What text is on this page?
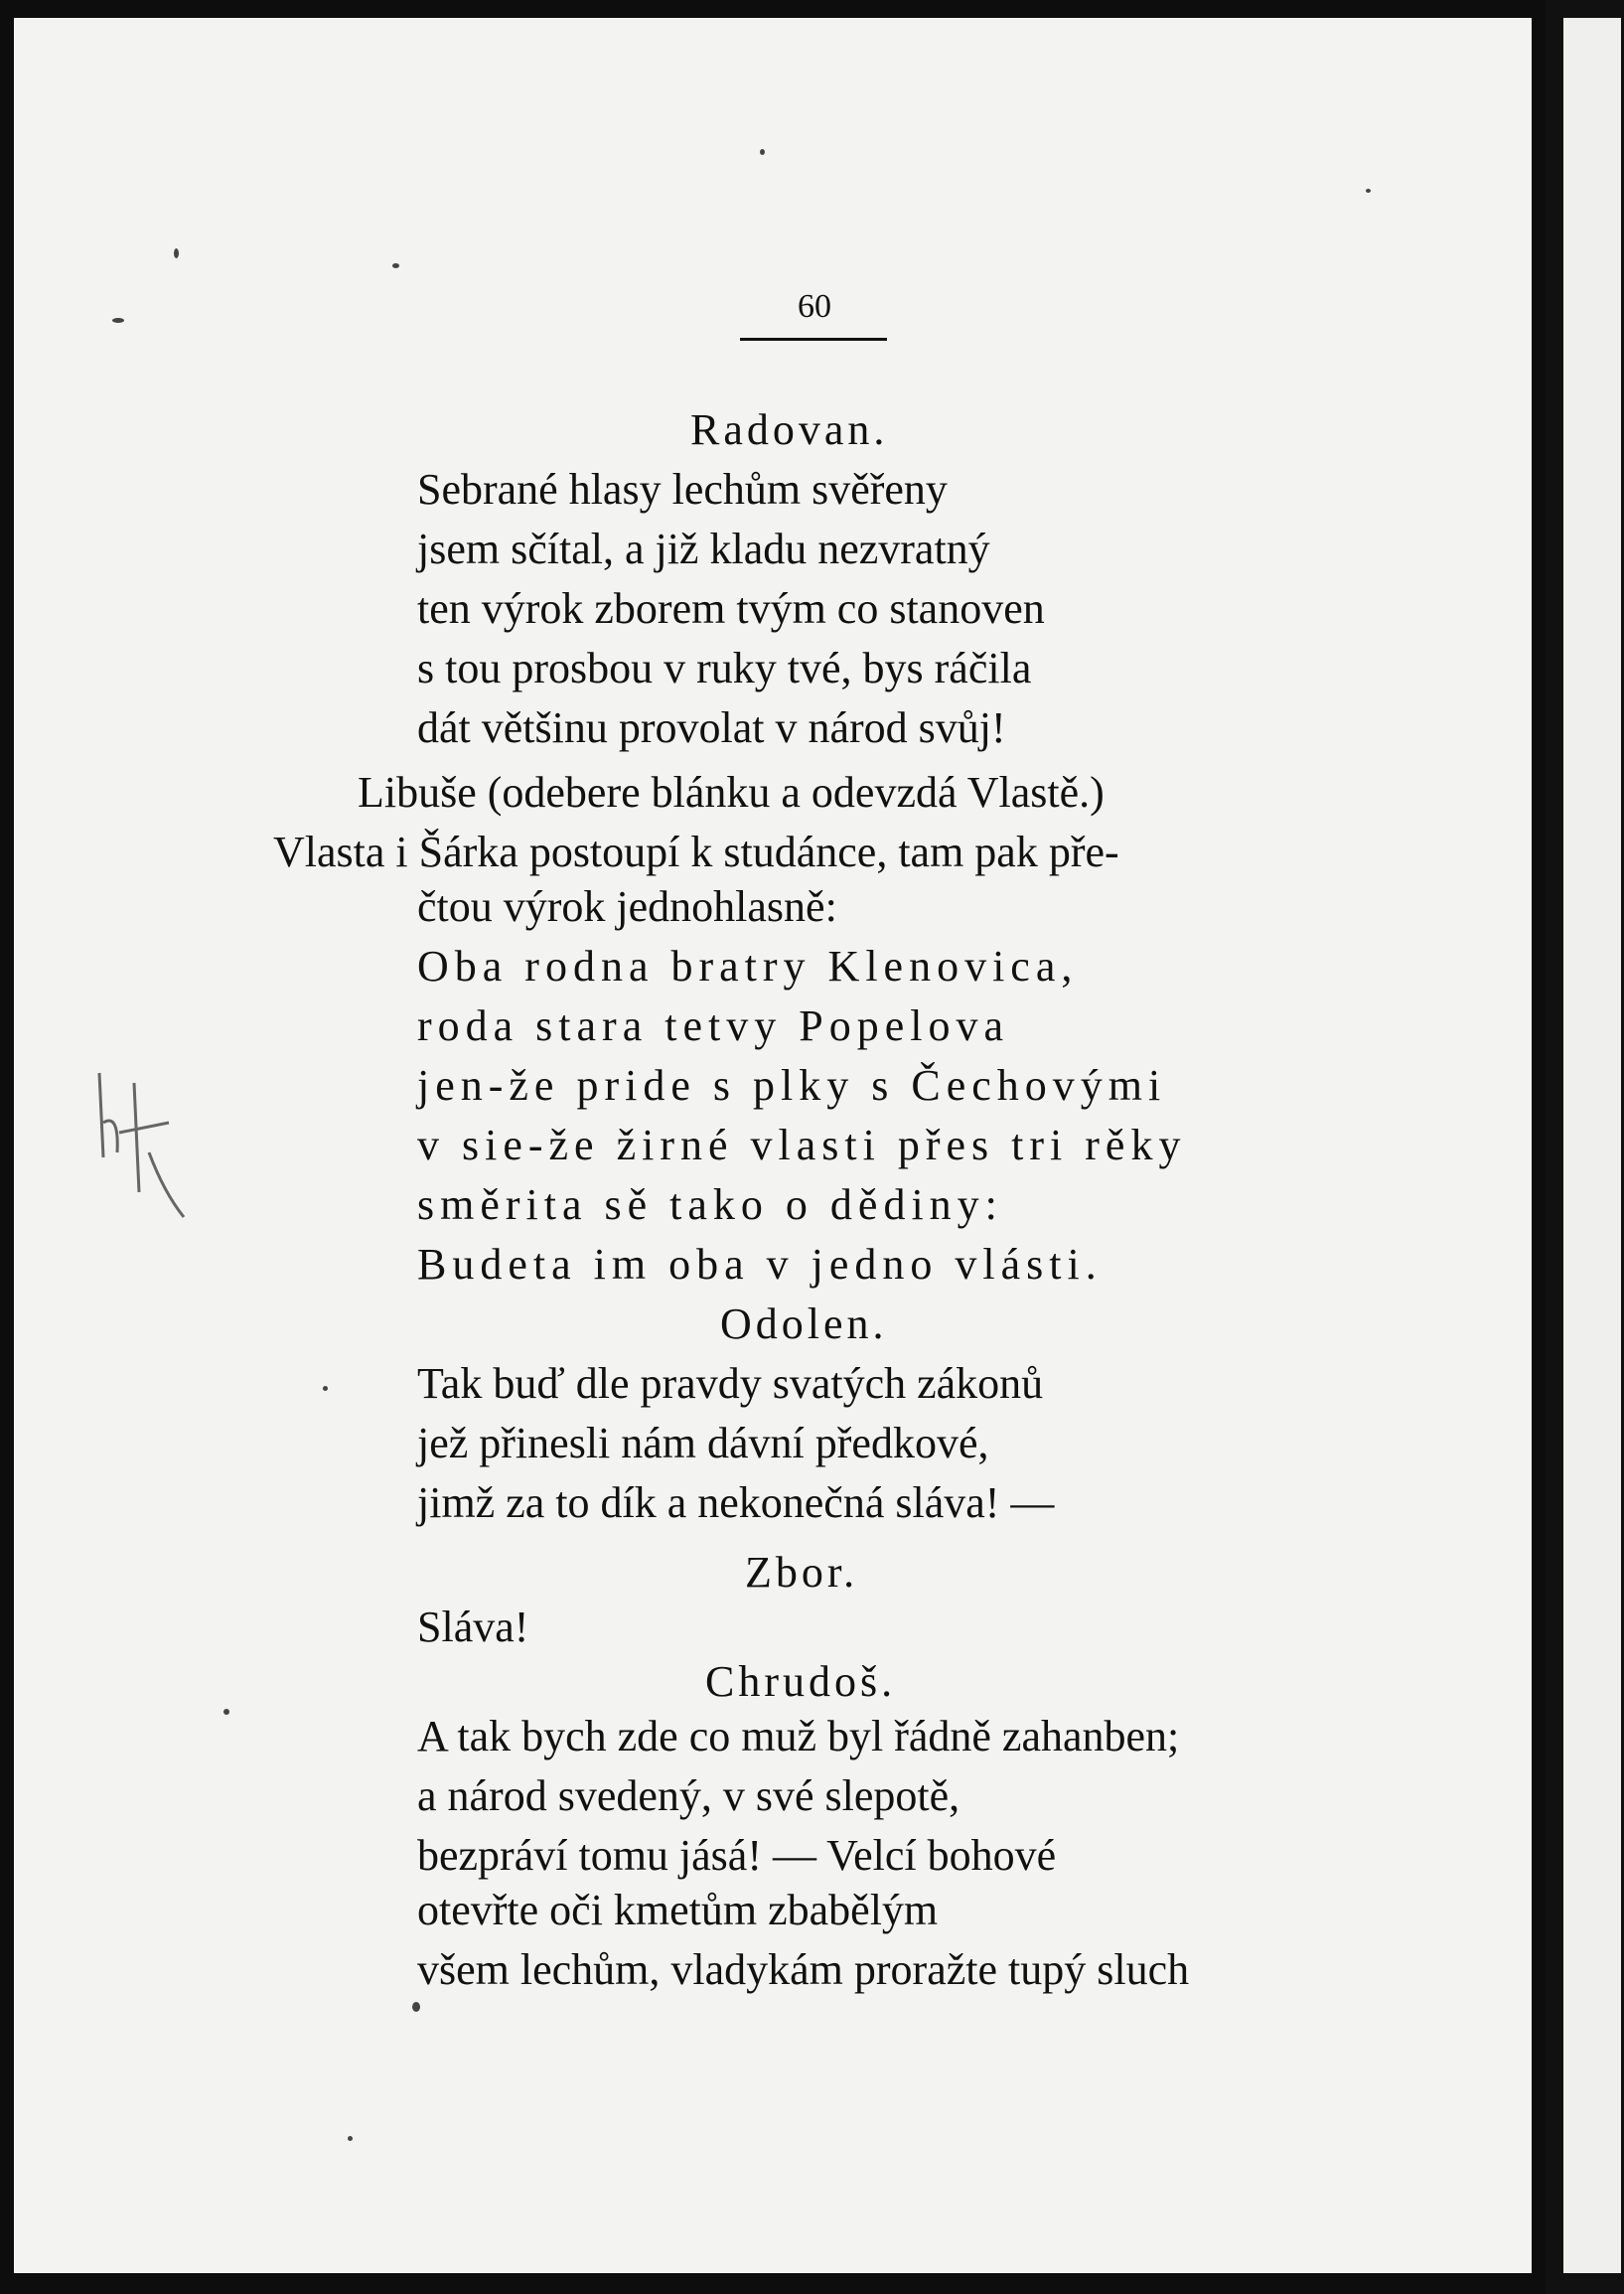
60
Radovan.
Sebrané hlasy lechům svěřeny
jsem sčítal, a již kladu nezvratný
ten výrok zborem tvým co stanoven
s tou prosbou v ruky tvé, bys ráčila
dát většinu provolat v národ svůj!
Libuše (odebere blánku a odevzdá Vlastě.)
Vlasta i Šárka postoupí k studánce, tam pak pře-
čtou výrok jednohlasně:
Oba rodna bratry Klenovica,
roda stara tetvy Popelova
jen-že pride s plky s Čechovými
v sie-že žirné vlasti přes tri rěky
směrita sě tako o dědiny:
Budeta im oba v jedno vlásti.
Odolen.
Tak buď dle pravdy svatých zákonů
jež přinesli nám dávní předkové,
jimž za to dík a nekonečná sláva! —
Zbor.
Sláva!
Chrudoš.
A tak bych zde co muž byl řádně zahanben;
a národ svedený, v své slepotě,
bezpráví tomu jásá! — Velcí bohové
otevřte oči kmetům zbabělým
všem lechům, vladykám proražte tupý sluch
